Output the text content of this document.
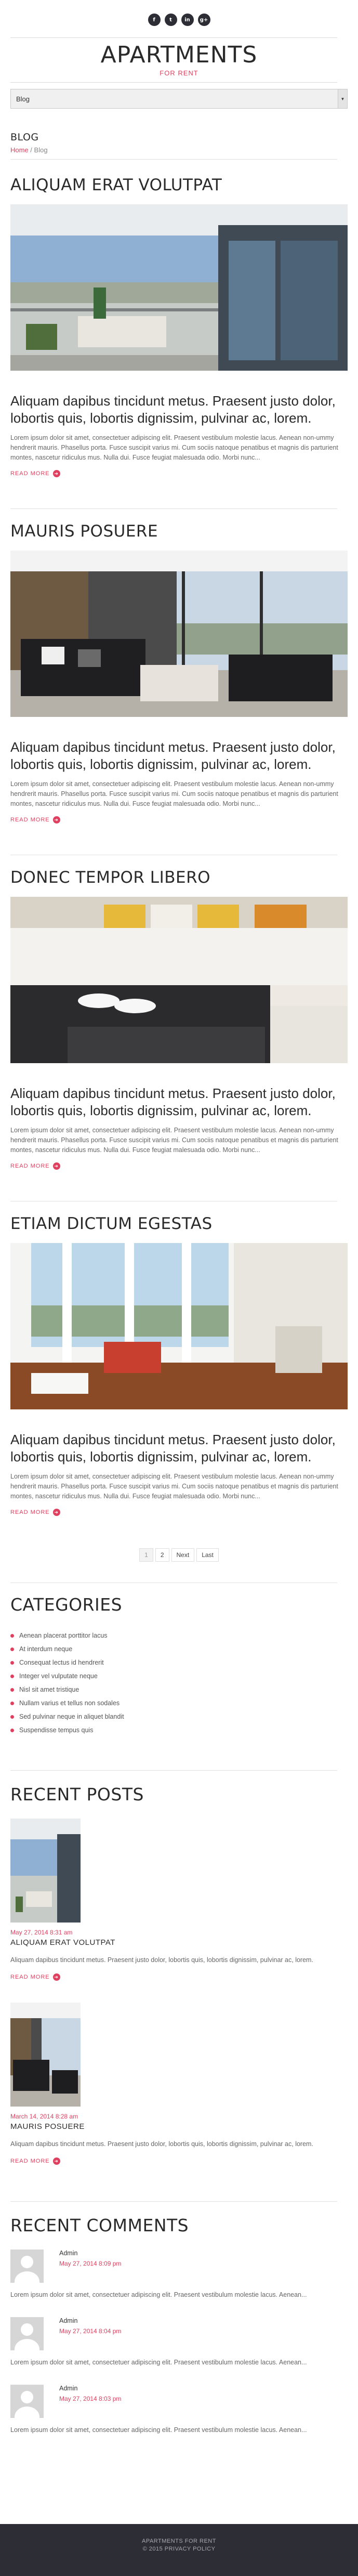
f	t	in	g+
APARTMENTS
FOR RENT
Blog	▼
BLOG
Home / Blog
ALIQUAM ERAT VOLUTPAT
Aliquam dapibus tincidunt metus. Praesent justo dolor, lobortis quis, lobortis dignissim, pulvinar ac, lorem.
Lorem ipsum dolor sit amet, consectetuer adipiscing elit. Praesent vestibulum molestie lacus. Aenean non-ummy hendrerit mauris. Phasellus porta. Fusce suscipit varius mi. Cum sociis natoque penatibus et magnis dis parturient montes, nascetur ridiculus mus. Nulla dui. Fusce feugiat malesuada odio. Morbi nunc...
READ MORE ➜
MAURIS POSUERE
Aliquam dapibus tincidunt metus. Praesent justo dolor, lobortis quis, lobortis dignissim, pulvinar ac, lorem.
Lorem ipsum dolor sit amet, consectetuer adipiscing elit. Praesent vestibulum molestie lacus. Aenean non-ummy hendrerit mauris. Phasellus porta. Fusce suscipit varius mi. Cum sociis natoque penatibus et magnis dis parturient montes, nascetur ridiculus mus. Nulla dui. Fusce feugiat malesuada odio. Morbi nunc...
READ MORE ➜
DONEC TEMPOR LIBERO
Aliquam dapibus tincidunt metus. Praesent justo dolor, lobortis quis, lobortis dignissim, pulvinar ac, lorem.
Lorem ipsum dolor sit amet, consectetuer adipiscing elit. Praesent vestibulum molestie lacus. Aenean non-ummy hendrerit mauris. Phasellus porta. Fusce suscipit varius mi. Cum sociis natoque penatibus et magnis dis parturient montes, nascetur ridiculus mus. Nulla dui. Fusce feugiat malesuada odio. Morbi nunc...
READ MORE ➜
ETIAM DICTUM EGESTAS
Aliquam dapibus tincidunt metus. Praesent justo dolor, lobortis quis, lobortis dignissim, pulvinar ac, lorem.
Lorem ipsum dolor sit amet, consectetuer adipiscing elit. Praesent vestibulum molestie lacus. Aenean non-ummy hendrerit mauris. Phasellus porta. Fusce suscipit varius mi. Cum sociis natoque penatibus et magnis dis parturient montes, nascetur ridiculus mus. Nulla dui. Fusce feugiat malesuada odio. Morbi nunc...
READ MORE ➜
1	2	Next	Last
CATEGORIES
Aenean placerat porttitor lacus
At interdum neque
Consequat lectus id hendrerit
Integer vel vulputate neque
Nisl sit amet tristique
Nullam varius et tellus non sodales
Sed pulvinar neque in aliquet blandit
Suspendisse tempus quis
RECENT POSTS
May 27, 2014 8:31 am
ALIQUAM ERAT VOLUTPAT
Aliquam dapibus tincidunt metus. Praesent justo dolor, lobortis quis, lobortis dignissim, pulvinar ac, lorem.
READ MORE ➜
March 14, 2014 8:28 am
MAURIS POSUERE
Aliquam dapibus tincidunt metus. Praesent justo dolor, lobortis quis, lobortis dignissim, pulvinar ac, lorem.
READ MORE ➜
RECENT COMMENTS
Admin
May 27, 2014 8:09 pm
Lorem ipsum dolor sit amet, consectetuer adipiscing elit. Praesent vestibulum molestie lacus. Aenean...
Admin
May 27, 2014 8:04 pm
Lorem ipsum dolor sit amet, consectetuer adipiscing elit. Praesent vestibulum molestie lacus. Aenean...
Admin
May 27, 2014 8:03 pm
Lorem ipsum dolor sit amet, consectetuer adipiscing elit. Praesent vestibulum molestie lacus. Aenean...
APARTMENTS FOR RENT
© 2015 PRIVACY POLICY
